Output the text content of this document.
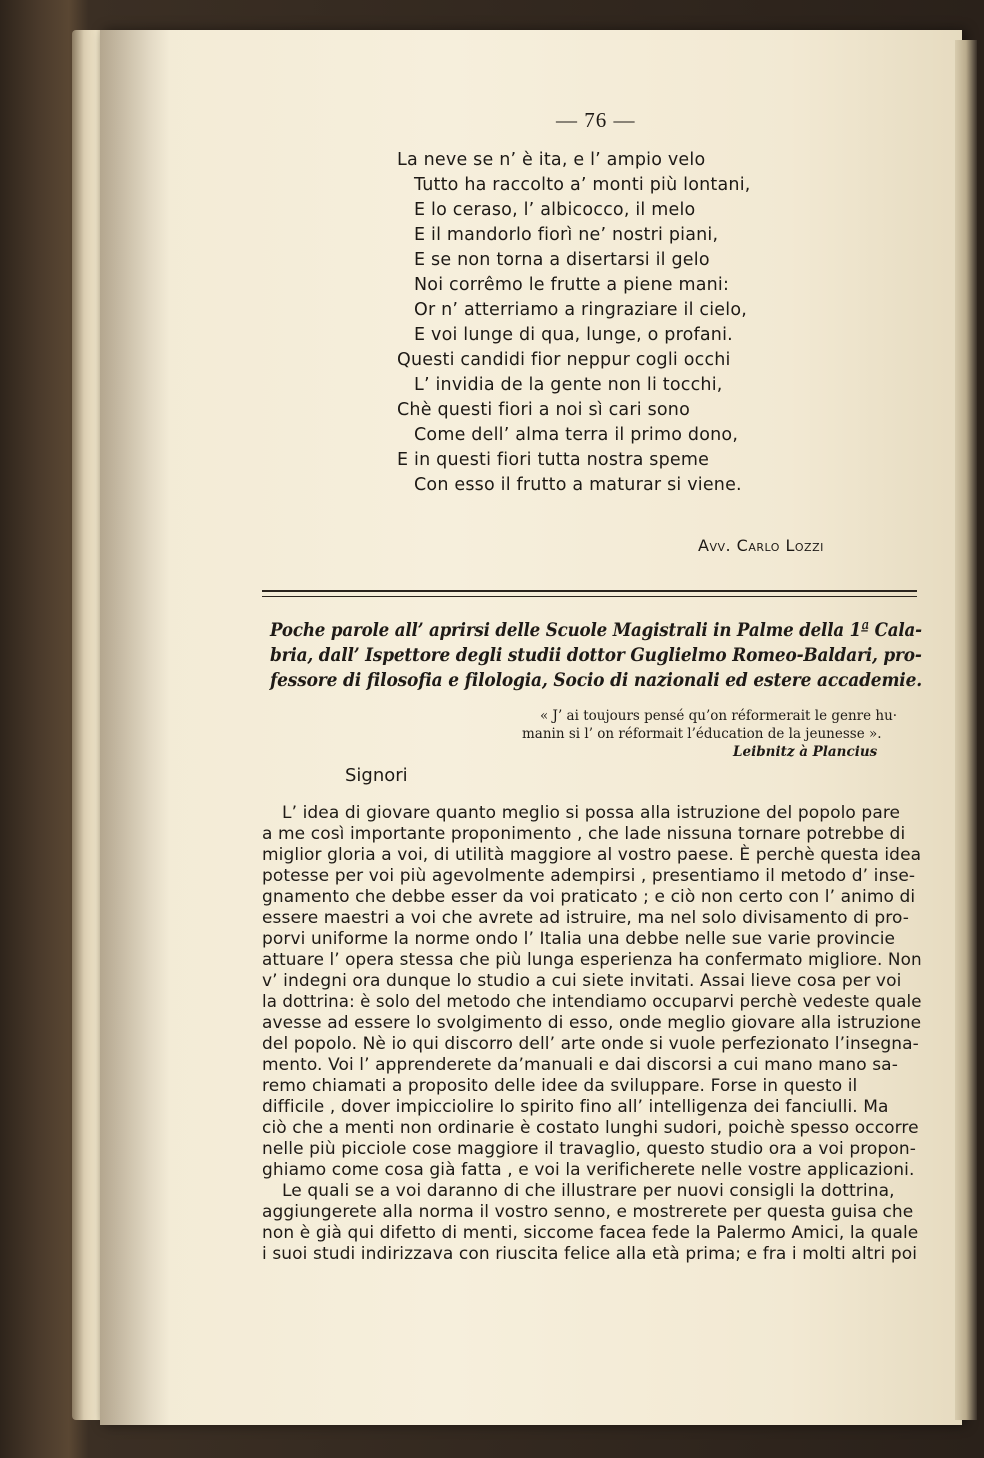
— 76 —
La neve se n’ è ita, e l’ ampio velo
Tutto ha raccolto a’ monti più lontani,
E lo ceraso, l’ albicocco, il melo
E il mandorlo fiorì ne’ nostri piani,
E se non torna a disertarsi il gelo
Noi corrêmo le frutte a piene mani:
Or n’ atterriamo a ringraziare il cielo,
E voi lunge di qua, lunge, o profani.
Questi candidi fior neppur cogli occhi
L’ invidia de la gente non li tocchi,
Chè questi fiori a noi sì cari sono
Come dell’ alma terra il primo dono,
E in questi fiori tutta nostra speme
Con esso il frutto a maturar si viene.
Avv. Carlo Lozzi
Poche parole all’ aprirsi delle Scuole Magistrali in Palme della 1ª Cala-
bria, dall’ Ispettore degli studii dottor Guglielmo Romeo-Baldari, pro-
fessore di filosofia e filologia, Socio di nazionali ed estere accademie.
« J’ ai toujours pensé qu’on réformerait le genre hu·
manin si l’ on réformait l’éducation de la jeunesse ».
Leibnitz à Plancius
Signori
L’ idea di giovare quanto meglio si possa alla istruzione del popolo pare
a me così importante proponimento , che lade nissuna tornare potrebbe di
miglior gloria a voi, di utilità maggiore al vostro paese. È perchè questa idea
potesse per voi più agevolmente adempirsi , presentiamo il metodo d’ inse-
gnamento che debbe esser da voi praticato ; e ciò non certo con l’ animo di
essere maestri a voi che avrete ad istruire, ma nel solo divisamento di pro-
porvi uniforme la norme ondo l’ Italia una debbe nelle sue varie provincie
attuare l’ opera stessa che più lunga esperienza ha confermato migliore. Non
v’ indegni ora dunque lo studio a cui siete invitati. Assai lieve cosa per voi
la dottrina: è solo del metodo che intendiamo occuparvi perchè vedeste quale
avesse ad essere lo svolgimento di esso, onde meglio giovare alla istruzione
del popolo. Nè io qui discorro dell’ arte onde si vuole perfezionato l’insegna-
mento. Voi l’ apprenderete da’manuali e dai discorsi a cui mano mano sa-
remo chiamati a proposito delle idee da sviluppare. Forse in questo il
difficile , dover impicciolire lo spirito fino all’ intelligenza dei fanciulli. Ma
ciò che a menti non ordinarie è costato lunghi sudori, poichè spesso occorre
nelle più picciole cose maggiore il travaglio, questo studio ora a voi propon-
ghiamo come cosa già fatta , e voi la verificherete nelle vostre applicazioni.
Le quali se a voi daranno di che illustrare per nuovi consigli la dottrina,
aggiungerete alla norma il vostro senno, e mostrerete per questa guisa che
non è già qui difetto di menti, siccome facea fede la Palermo Amici, la quale
i suoi studi indirizzava con riuscita felice alla età prima; e fra i molti altri poi
